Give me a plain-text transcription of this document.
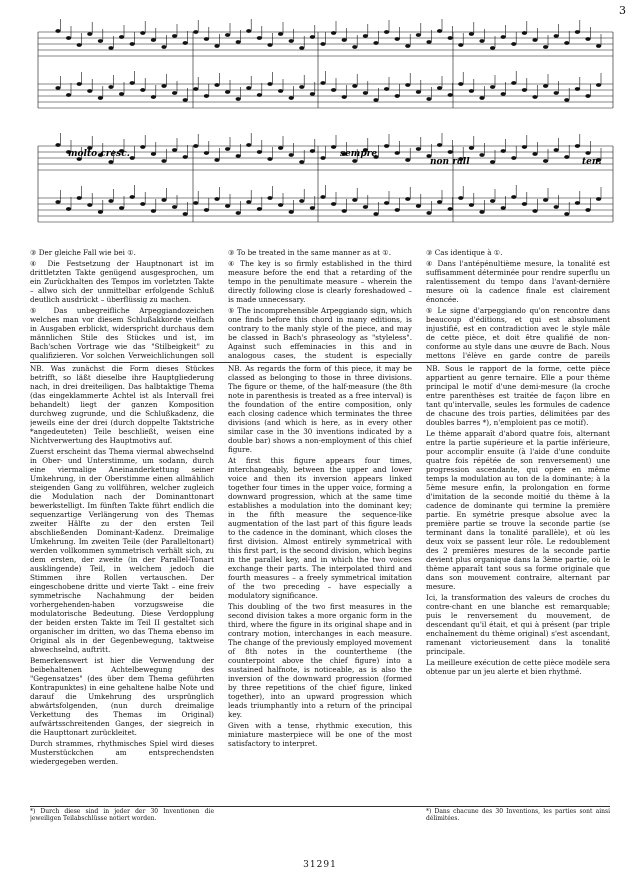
3
molto cresc.	sempre
non rall	ten.

③ Der gleiche Fall wie bei ①.

④ Die Festsetzung der Hauptnonart ist im drittletzten Takte genügend ausgesprochen, um ein Zurückhalten des Tempos im vorletzten Takte – allwo sich der unmittelbar erfolgende Schluß deutlich ausdrückt – überflüssig zu machen.

⑤ Das unbegreifliche Arpeggiandozeichen welches man vor diesem Schlußakkorde vielfach in Ausgaben erblickt, widerspricht durchaus dem männlichen Stile des Stückes und ist, im Bach'schen Vortrage wie das "Stilbeigkeit" zu qualifizieren. Vor solchen Verweichlichungen soll

③ To be treated in the same manner as at ①.

④ The key is so firmly established in the third measure before the end that a retarding of the tempo in the penultimate measure – wherein the directly following close is clearly foreshadowed – is made unnecessary.

⑤ The incomprehensible Arpeggiando sign, which one finds before this chord in many editions, is contrary to the manly style of the piece, and may be classed in Bach's phraseology as "styleless". Against such effeminacies in this and in analogous cases, the student is especially

③ Cas identique à ①.

④ Dans l'antépénultième mesure, la tonalité est suffisamment déterminée pour rendre superflu un ralentissement du tempo dans l'avant-dernière mesure où la cadence finale est clairement énoncée.

⑤ Le signe d'arpeggiando qu'on rencontre dans beaucoup d'éditions, et qui est absolument injustifié, est en contradiction avec le style mâle de cette pièce, et doit être qualifié de non-conforme au style dans une œuvre de Bach. Nous mettons l'élève en garde contre de pareils

NB. Was zunächst die Form dieses Stückes betrifft, so läßt dieselbe ihre Hauptgliederung nach, in drei dreiteiligen. Das halbtaktige Thema (das eingeklammerte Achtel ist als Intervall frei behandelt) liegt der ganzen Komposition durchweg zugrunde, und die Schlußkadenz, die jeweils eine der drei (durch doppelte Taktstriche *angedeuteten) Teile beschließt, weisen eine Nichtverwertung des Hauptmotivs auf.

Zuerst erscheint das Thema viermal abwechselnd in Ober- und Unterstimme, um sodann, durch eine viermalige Aneinanderkettung seiner Umkehrung, in der Oberstimme einen allmählich steigenden Gang zu vollführen, welcher zugleich die Modulation nach der Dominanttonart bewerkstelligt. Im fünften Takte führt endlich die sequenzartige Verlängerung von des Themas zweiter Hälfte zu der den ersten Teil abschließenden Dominant-Kadenz. Dreimalige Umkehrung. Im zweiten Teile (der Paralleltonart) werden vollkommen symmetrisch verhält sich, zu dem ersten, der zweite (in der Parallel-Tonart ausklingende) Teil, in welchem jedoch die Stimmen ihre Rollen vertauschen. Der eingeschobene dritte und vierte Takt – eine freiv symmetrische Nachahmung der beiden vorhergehenden-haben vorzugsweise die modulatorische Bedeutung. Diese Verdopplung der beiden ersten Takte im Teil II gestaltet sich organischer im dritten, wo das Thema ebenso im Original als in der Gegenbewegung, taktweise abwechselnd, auftritt.

Bemerkenswert ist hier die Verwendung der beibehaltenen Achtelbewegung des "Gegensatzes" (des über dem Thema geführten Kontrapunktes) in eine gehaltene halbe Note und darauf die Umkehrung des ursprünglich abwärtsfolgenden, (nun durch dreimalige Verkettung des Themas im Original) aufwärtsschreitenden Ganges, der siegreich in die Haupttonart zurückleitet.

Durch strammes, rhythmisches Spiel wird dieses Musterstückchen am entsprechendsten wiedergegeben werden.

NB. As regards the form of this piece, it may be classed as belonging to those in three divisions. The figure or theme, of the half-measure (the 8th note in parenthesis is treated as a free interval) is the foundation of the entire composition, only each closing cadence which terminates the three divisions (and which is here, as in every other similar case in the 30 inventions indicated by a double bar) shows a non-employment of this chief figure.

At first this figure appears four times, interchangeably, between the upper and lower voice and then its inversion appears linked together four times in the upper voice, forming a downward progression, which at the same time establishes a modulation into the dominant key; in the fifth measure the sequence-like augmentation of the last part of this figure leads to the cadence in the dominant, which closes the first division. Almost entirely symmetrical with this first part, is the second division, which begins in the parallel key, and in which the two voices exchange their parts. The interpolated third and fourth measures – a freely symmetrical imitation of the two preceding – have especially a modulatory significance.

This doubling of the two first measures in the second division takes a more organic form in the third, where the figure in its original shape and in contrary motion, interchanges in each measure. The change of the previously employed movement of 8th notes in the countertheme (the counterpoint above the chief figure) into a sustained halfnote, is noticeable, as is also the inversion of the downward progression (formed by three repetitions of the chief figure, linked together), into an upward progression which leads triumphantly into a return of the principal key.

Given with a tense, rhythmic execution, this miniature masterpiece will be one of the most satisfactory to interpret.

NB. Sous le rapport de la forme, cette pièce appartient au genre ternaire. Elle a pour thème principal le motif d'une demi-mesure (la croche entre parenthèses est traitée de façon libre en tant qu'intervalle, seules les formules de cadence de chacune des trois parties, délimitées par des doubles barres *), n'emploient pas ce motif).

Le thème apparaît d'abord quatre fois, alternant entre la partie supérieure et la partie inférieure, pour accomplir ensuite (à l'aide d'une conduite quatre fois répétée de son renversement) une progression ascendante, qui opère en même temps la modulation au ton de la dominante; à la 5ème mesure enfin, la prolongation en forme d'imitation de la seconde moitié du thème à la cadence de dominante qui termine la première partie. En symétrie presque absolue avec la première partie se trouve la seconde partie (se terminant dans la tonalité parallèle), et où les deux voix se passent leur rôle. Le redoublement des 2 premières mesures de la seconde partie devient plus organique dans la 3ème partie, où le thème apparaît tant sous sa forme originale que dans son mouvement contraire, alternant par mesure.

Ici, la transformation des valeurs de croches du contre-chant en une blanche est remarquable; puis le renversement du mouvement, de descendant qu'il était, et qui à présent (par triple enchaînement du thème original) s'est ascendant, ramenant victorieusement dans la tonalité principale.

La meilleure exécution de cette pièce modèle sera obtenue par un jeu alerte et bien rhythmé.

*) Durch diese sind in jeder der 30 Inventionen die jeweiligen Teilabschlüsse notiert worden.
*) Dans chacune des 30 Inventions, les parties sont ainsi délimitées.
31291
